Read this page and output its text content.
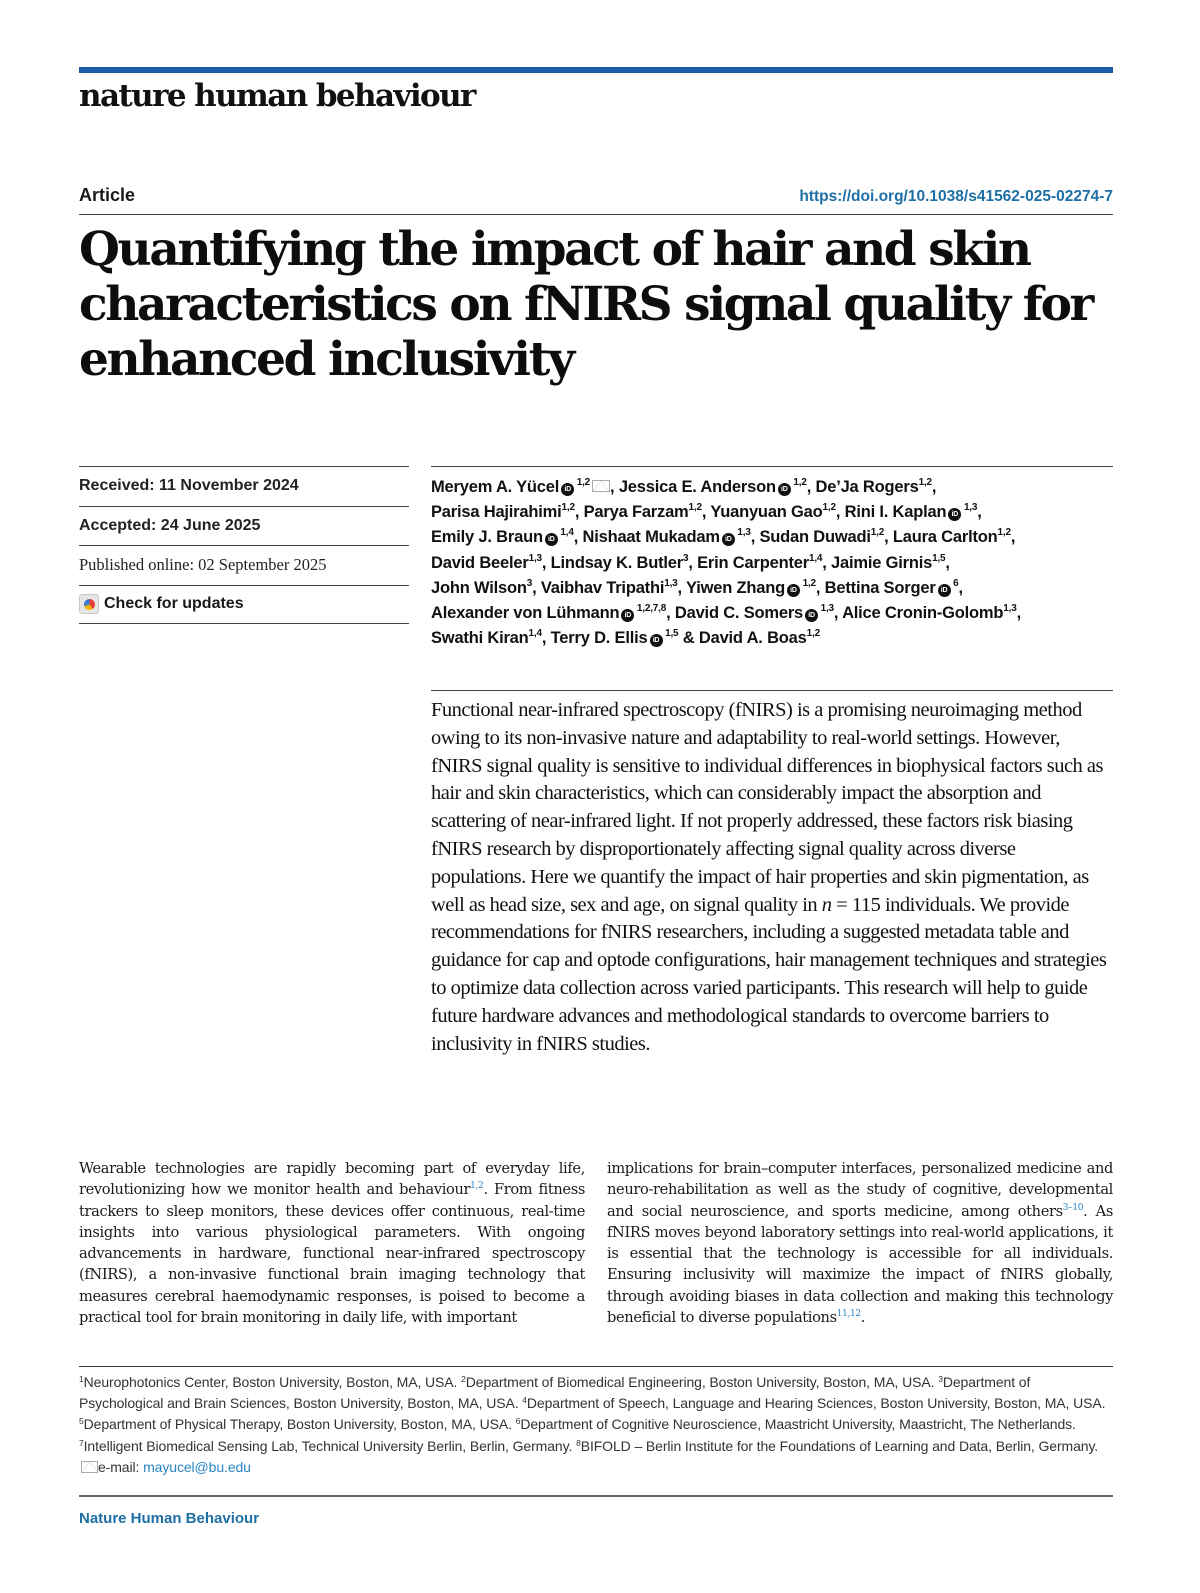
nature human behaviour
Article	https://doi.org/10.1038/s41562-025-02274-7
Quantifying the impact of hair and skin characteristics on fNIRS signal quality for enhanced inclusivity
Received: 11 November 2024
Accepted: 24 June 2025
Published online: 02 September 2025
Check for updates
Meryem A. Yücel iD $^{1,2}$ , Jessica E. Anderson iD $^{1,2}$, De’Ja Rogers$^{1,2}$,
Parisa Hajirahimi$^{1,2}$, Parya Farzam$^{1,2}$, Yuanyuan Gao$^{1,2}$, Rini I. Kaplan iD $^{1,3}$,
Emily J. Braun iD $^{1,4}$, Nishaat Mukadam iD $^{1,3}$, Sudan Duwadi$^{1,2}$, Laura Carlton$^{1,2}$,
David Beeler$^{1,3}$, Lindsay K. Butler$^3$, Erin Carpenter$^{1,4}$, Jaimie Girnis$^{1,5}$,
John Wilson$^3$, Vaibhav Tripathi$^{1,3}$, Yiwen Zhang iD $^{1,2}$, Bettina Sorger iD $^6$,
Alexander von Lühmann iD $^{1,2,7,8}$, David C. Somers iD $^{1,3}$, Alice Cronin-Golomb$^{1,3}$,
Swathi Kiran$^{1,4}$, Terry D. Ellis iD $^{1,5}$ & David A. Boas$^{1,2}$
Functional near-infrared spectroscopy (fNIRS) is a promising neuroimaging method owing to its non-invasive nature and adaptability to real-world settings. However, fNIRS signal quality is sensitive to individual differences in biophysical factors such as hair and skin characteristics, which can considerably impact the absorption and scattering of near-infrared light. If not properly addressed, these factors risk biasing fNIRS research by disproportionately affecting signal quality across diverse populations. Here we quantify the impact of hair properties and skin pigmentation, as well as head size, sex and age, on signal quality in n = 115 individuals. We provide recommendations for fNIRS researchers, including a suggested metadata table and guidance for cap and optode configurations, hair management techniques and strategies to optimize data collection across varied participants. This research will help to guide future hardware advances and methodological standards to overcome barriers to inclusivity in fNIRS studies.
Wearable technologies are rapidly becoming part of everyday life, revolutionizing how we monitor health and behaviour$^{1,2}$. From fitness trackers to sleep monitors, these devices offer continuous, real-time insights into various physiological parameters. With ongoing advancements in hardware, functional near-infrared spectroscopy (fNIRS), a non-invasive functional brain imaging technology that measures cerebral haemodynamic responses, is poised to become a practical tool for brain monitoring in daily life, with important
implications for brain–computer interfaces, personalized medicine and neuro-rehabilitation as well as the study of cognitive, developmental and social neuroscience, and sports medicine, among others$^{3-10}$. As fNIRS moves beyond laboratory settings into real-world applications, it is essential that the technology is accessible for all individuals. Ensuring inclusivity will maximize the impact of fNIRS globally, through avoiding biases in data collection and making this technology beneficial to diverse populations$^{11,12}$.
$^1$Neurophotonics Center, Boston University, Boston, MA, USA. $^2$Department of Biomedical Engineering, Boston University, Boston, MA, USA. $^3$Department of Psychological and Brain Sciences, Boston University, Boston, MA, USA. $^4$Department of Speech, Language and Hearing Sciences, Boston University, Boston, MA, USA. $^5$Department of Physical Therapy, Boston University, Boston, MA, USA. $^6$Department of Cognitive Neuroscience, Maastricht University, Maastricht, The Netherlands. $^7$Intelligent Biomedical Sensing Lab, Technical University Berlin, Berlin, Germany. $^8$BIFOLD – Berlin Institute for the Foundations of Learning and Data, Berlin, Germany. e-mail: mayucel@bu.edu
Nature Human Behaviour
